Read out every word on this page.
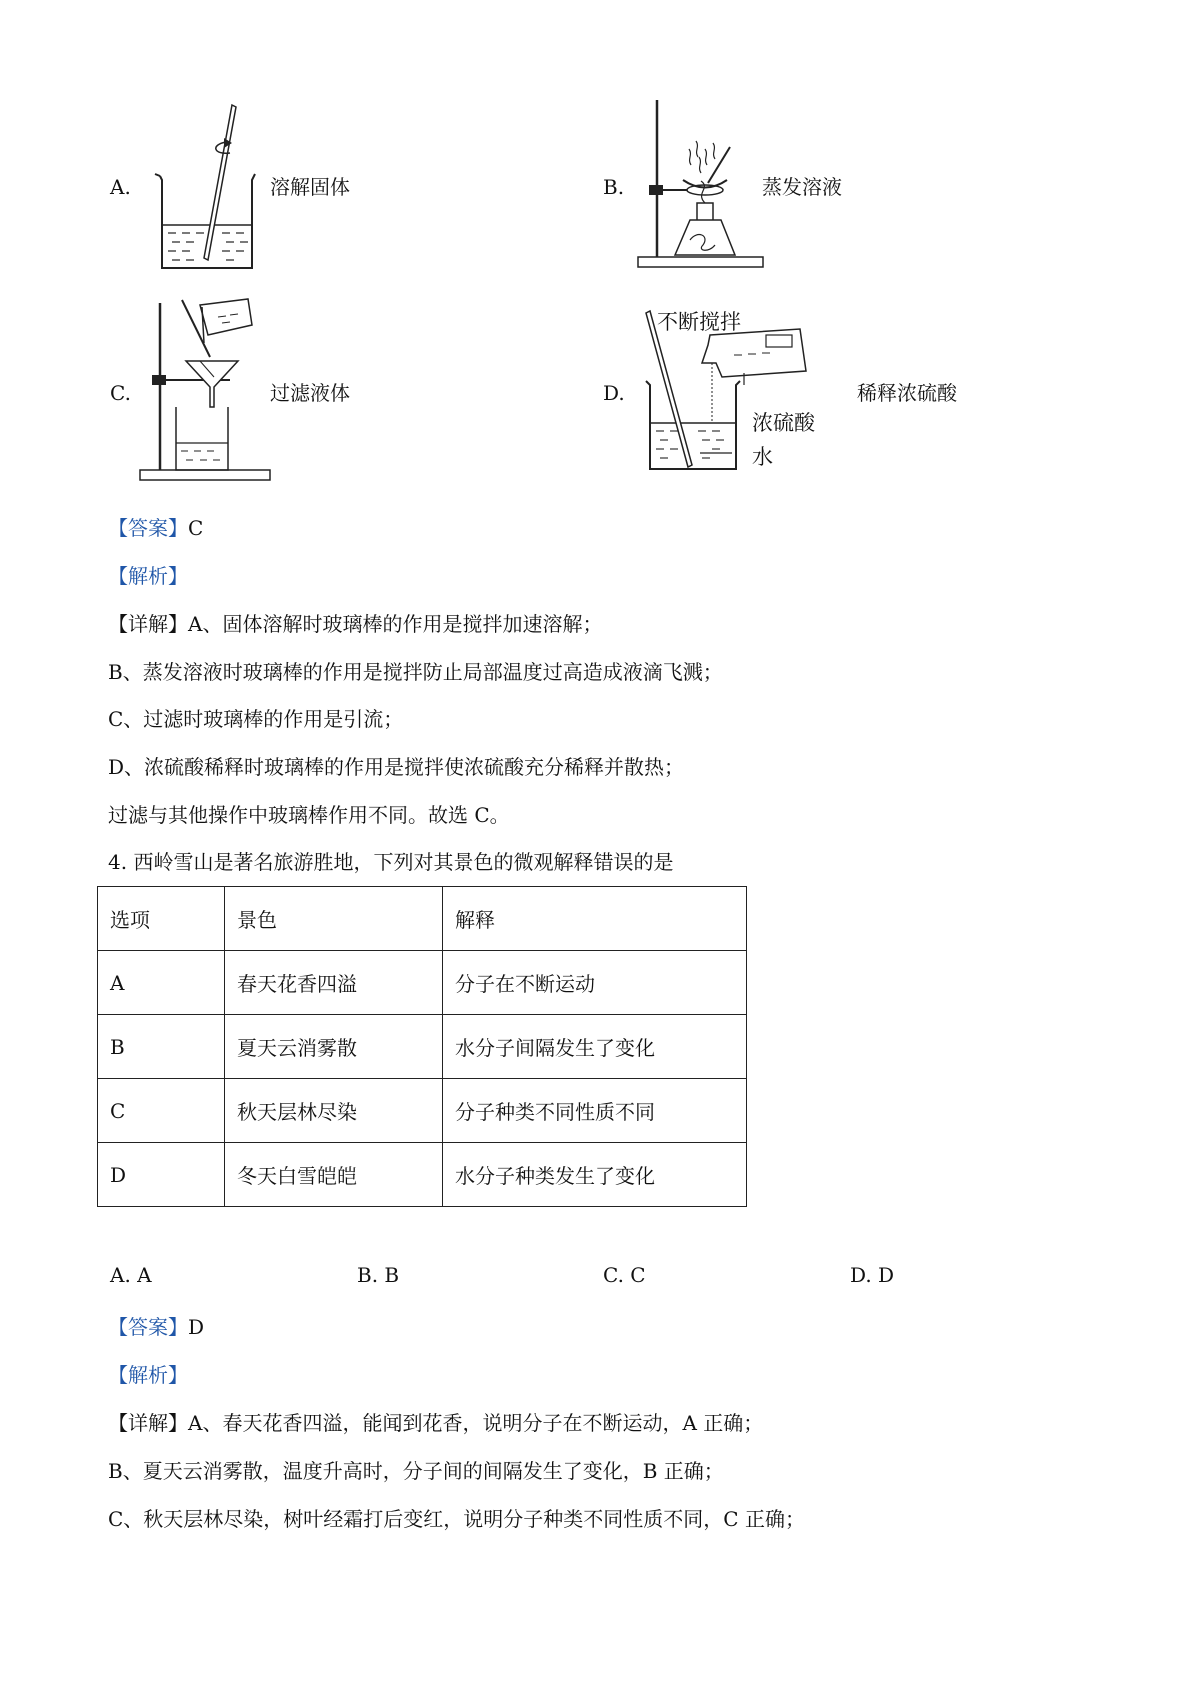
A.	溶解固体	B.	蒸发溶液
C.	过滤液体	D.
不断搅拌
浓硫酸
水
稀释浓硫酸
【答案】C
【解析】
【详解】A、固体溶解时玻璃棒的作用是搅拌加速溶解；
B、蒸发溶液时玻璃棒的作用是搅拌防止局部温度过高造成液滴飞溅；
C、过滤时玻璃棒的作用是引流；
D、浓硫酸稀释时玻璃棒的作用是搅拌使浓硫酸充分稀释并散热；
过滤与其他操作中玻璃棒作用不同。故选 C。
4. 西岭雪山是著名旅游胜地，下列对其景色的微观解释错误的是
选项	景色	解释
A	春天花香四溢	分子在不断运动
B	夏天云消雾散	水分子间隔发生了变化
C	秋天层林尽染	分子种类不同性质不同
D	冬天白雪皑皑	水分子种类发生了变化
A. A	B. B	C. C	D. D
【答案】D
【解析】
【详解】A、春天花香四溢，能闻到花香，说明分子在不断运动，A 正确；
B、夏天云消雾散，温度升高时，分子间的间隔发生了变化，B 正确；
C、秋天层林尽染，树叶经霜打后变红，说明分子种类不同性质不同，C 正确；
